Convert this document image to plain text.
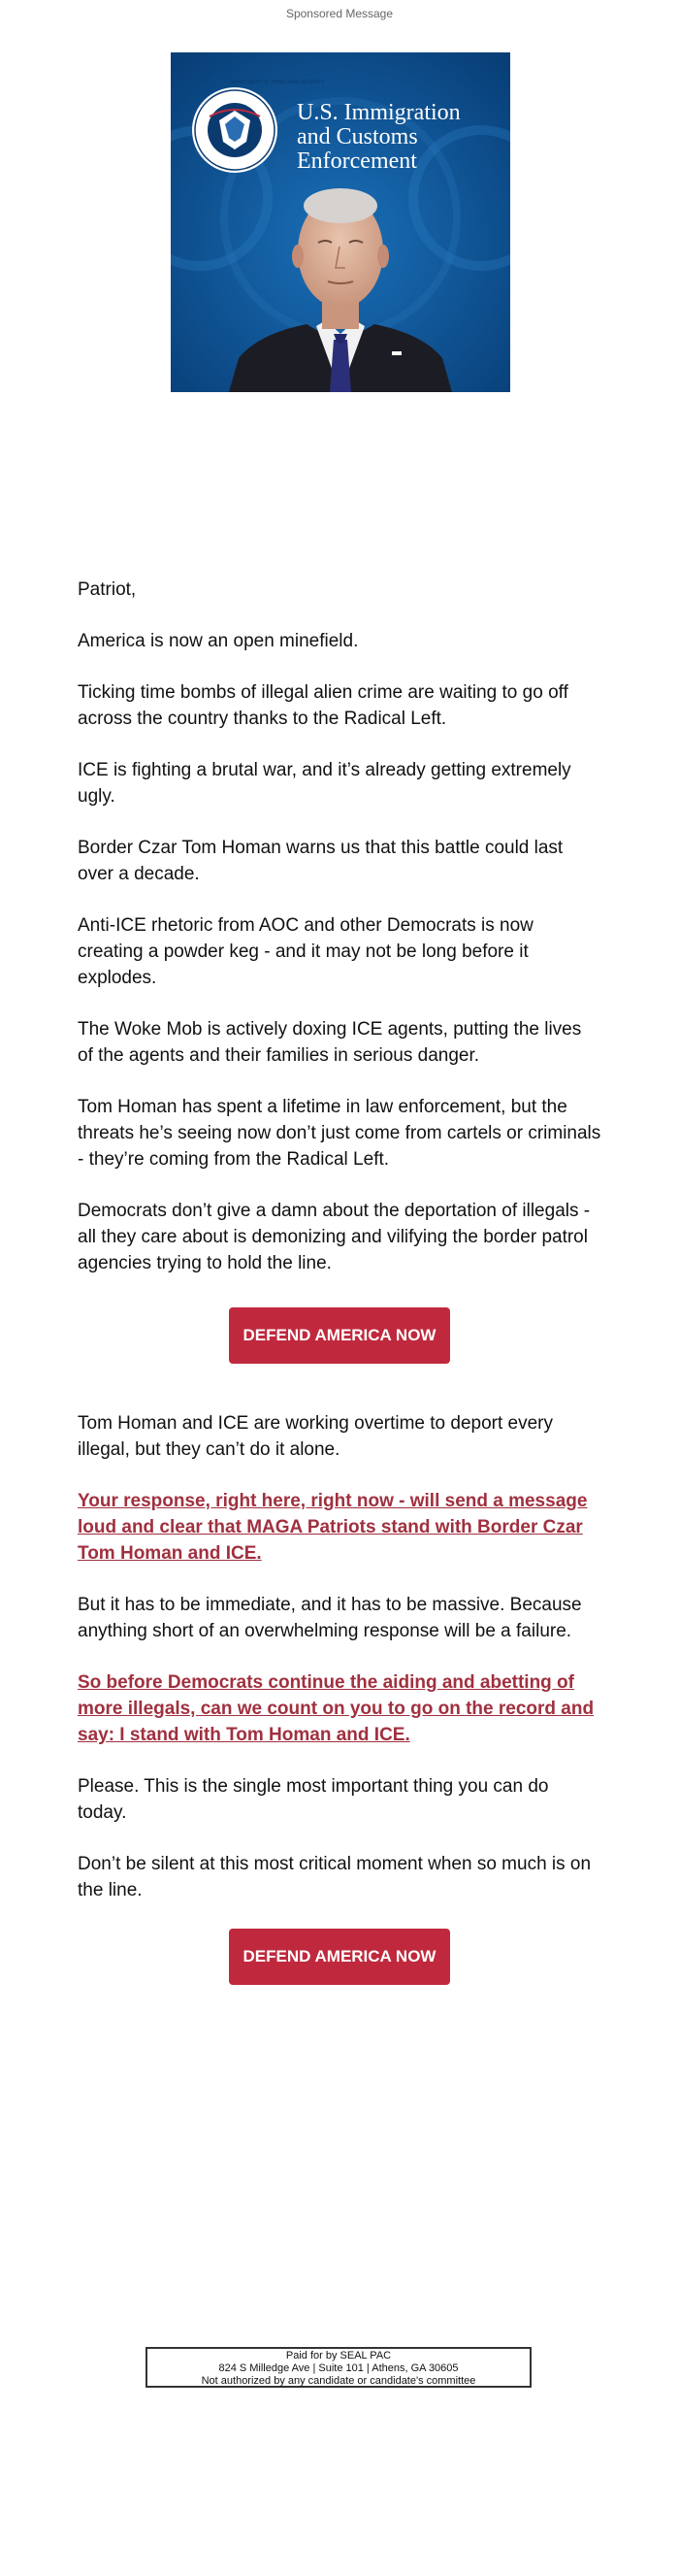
Sponsored Message
DEPARTMENT OF HOMELAND SECURITY
U.S. Immigration
and Customs
Enforcement

Patriot,

America is now an open minefield.

Ticking time bombs of illegal alien crime are waiting to go off across the country thanks to the Radical Left.

ICE is fighting a brutal war, and it’s already getting extremely ugly.

Border Czar Tom Homan warns us that this battle could last over a decade.

Anti-ICE rhetoric from AOC and other Democrats is now creating a powder keg - and it may not be long before it explodes.

The Woke Mob is actively doxing ICE agents, putting the lives of the agents and their families in serious danger.

Tom Homan has spent a lifetime in law enforcement, but the threats he’s seeing now don’t just come from cartels or criminals - they’re coming from the Radical Left.

Democrats don’t give a damn about the deportation of illegals - all they care about is demonizing and vilifying the border patrol agencies trying to hold the line.

DEFEND AMERICA NOW

Tom Homan and ICE are working overtime to deport every illegal, but they can’t do it alone.

Your response, right here, right now - will send a message loud and clear that MAGA Patriots stand with Border Czar Tom Homan and ICE.

But it has to be immediate, and it has to be massive. Because anything short of an overwhelming response will be a failure.

So before Democrats continue the aiding and abetting of more illegals, can we count on you to go on the record and say: I stand with Tom Homan and ICE.

Please. This is the single most important thing you can do today.

Don’t be silent at this most critical moment when so much is on the line.

DEFEND AMERICA NOW
Paid for by SEAL PAC
824 S Milledge Ave | Suite 101 | Athens, GA 30605
Not authorized by any candidate or candidate's committee
